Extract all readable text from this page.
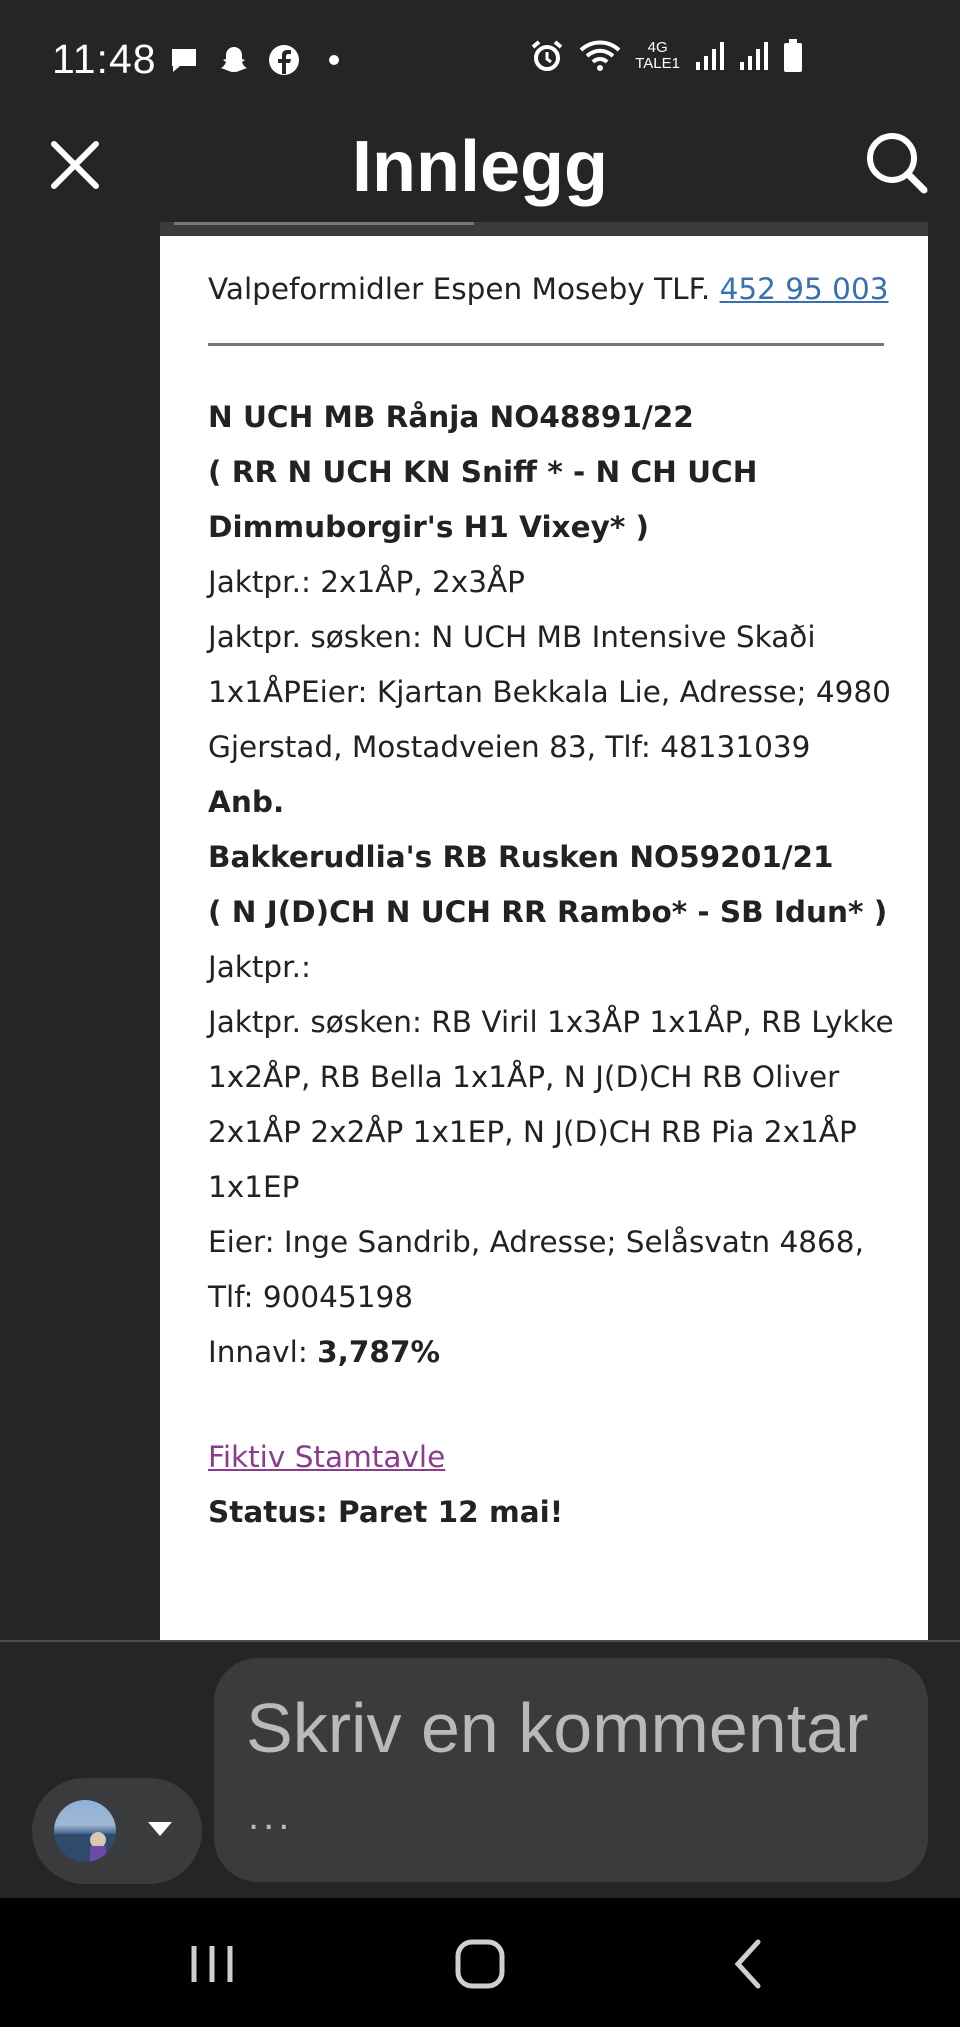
11:48	4G
TALE1
Innlegg

Valpeformidler Espen Moseby TLF. 452 95 003

N UCH MB Rånja NO48891/22

( RR N UCH KN Sniff * - N CH UCH

Dimmuborgir's H1 Vixey* )

Jaktpr.: 2x1ÅP, 2x3ÅP

Jaktpr. søsken: N UCH MB Intensive Skaði

1x1ÅPEier: Kjartan Bekkala Lie, Adresse; 4980

Gjerstad, Mostadveien 83, Tlf: 48131039

Anb.

Bakkerudlia's RB Rusken NO59201/21

( N J(D)CH N UCH RR Rambo* - SB Idun* )

Jaktpr.:

Jaktpr. søsken: RB Viril 1x3ÅP 1x1ÅP, RB Lykke

1x2ÅP, RB Bella 1x1ÅP, N J(D)CH RB Oliver

2x1ÅP 2x2ÅP 1x1EP, N J(D)CH RB Pia 2x1ÅP

1x1EP

Eier: Inge Sandrib, Adresse; Selåsvatn 4868,

Tlf: 90045198

Innavl: 3,787%

Fiktiv Stamtavle

Status: Paret 12 mai!

Skriv en kommentar
...
